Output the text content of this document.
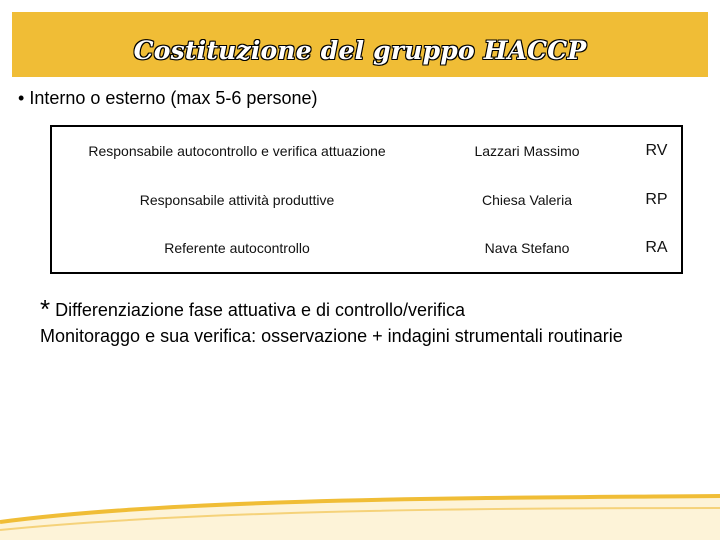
Costituzione del gruppo HACCP
• Interno o esterno (max 5-6 persone)
Responsabile autocontrollo e verifica attuazione	Lazzari Massimo	RV
Responsabile attività produttive	Chiesa Valeria	RP
Referente autocontrollo	Nava Stefano	RA
* Differenziazione fase attuativa e di controllo/verifica
Monitoraggo e sua verifica: osservazione + indagini strumentali routinarie
